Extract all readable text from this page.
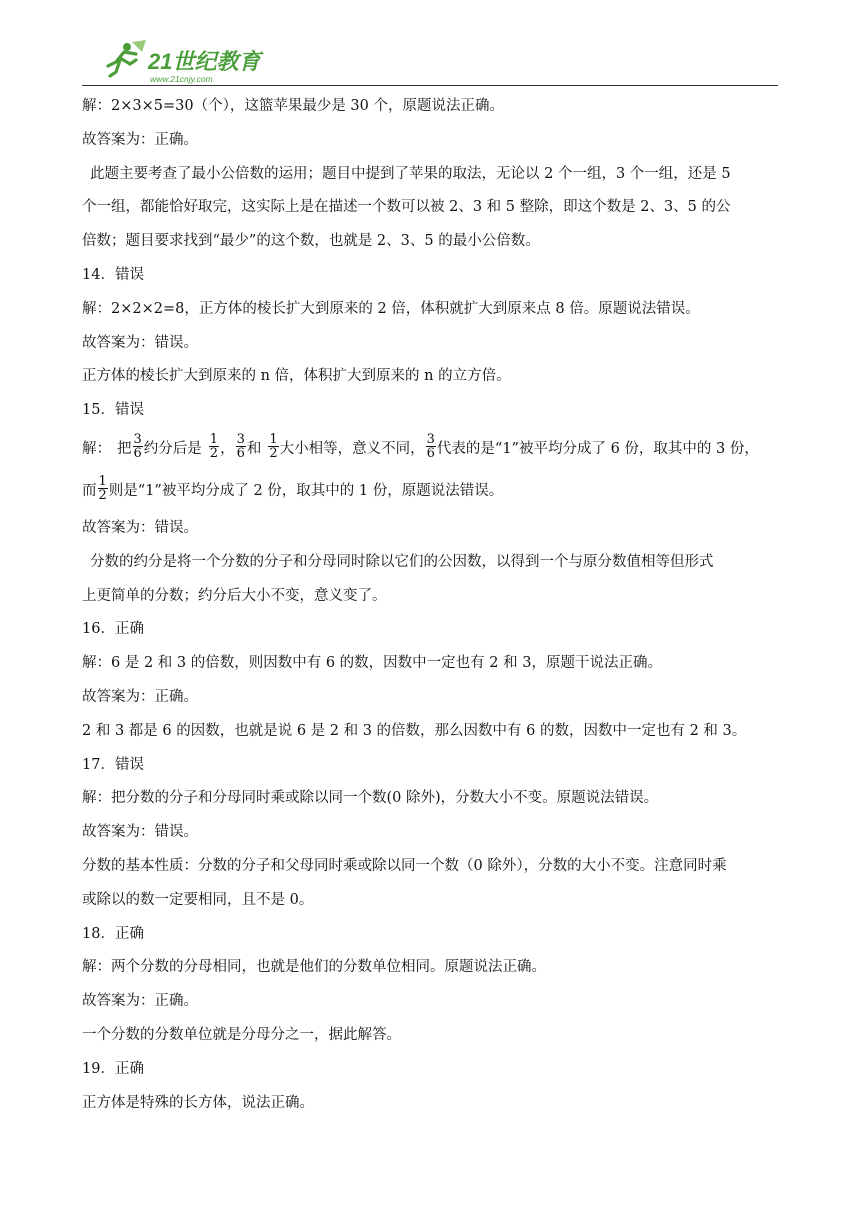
21世纪教育
www.21cnjy.com
解：2×3×5=30（个），这篮苹果最少是 30 个，原题说法正确。
故答案为：正确。
此题主要考查了最小公倍数的运用；题目中提到了苹果的取法，无论以 2 个一组，3 个一组，还是 5
个一组，都能恰好取完，这实际上是在描述一个数可以被 2、3 和 5 整除，即这个数是 2、3、5 的公
倍数；题目要求找到“最少”的这个数，也就是 2、3、5 的最小公倍数。
14．错误
解：2×2×2=8，正方体的棱长扩大到原来的 2 倍，体积就扩大到原来点 8 倍。原题说法错误。
故答案为：错误。
正方体的棱长扩大到原来的 n 倍，体积扩大到原来的 n 的立方倍。
15．错误
解： 把 $\frac{3}{6}$ 约分后是 $\frac{1}{2}$ ， $\frac{3}{6}$ 和 $\frac{1}{2}$ 大小相等，意义不同， $\frac{3}{6}$ 代表的是“1”被平均分成了 6 份，取其中的 3 份，
而 $\frac{1}{2}$ 则是“1”被平均分成了 2 份，取其中的 1 份，原题说法错误。
故答案为：错误。
分数的约分是将一个分数的分子和分母同时除以它们的公因数，以得到一个与原分数值相等但形式
上更简单的分数；约分后大小不变，意义变了。
16．正确
解：6 是 2 和 3 的倍数，则因数中有 6 的数，因数中一定也有 2 和 3，原题干说法正确。
故答案为：正确。
2 和 3 都是 6 的因数，也就是说 6 是 2 和 3 的倍数，那么因数中有 6 的数，因数中一定也有 2 和 3。
17．错误
解：把分数的分子和分母同时乘或除以同一个数(0 除外)，分数大小不变。原题说法错误。
故答案为：错误。
分数的基本性质：分数的分子和父母同时乘或除以同一个数（0 除外），分数的大小不变。注意同时乘
或除以的数一定要相同，且不是 0。
18．正确
解：两个分数的分母相同，也就是他们的分数单位相同。原题说法正确。
故答案为：正确。
一个分数的分数单位就是分母分之一，据此解答。
19．正确
正方体是特殊的长方体，说法正确。
